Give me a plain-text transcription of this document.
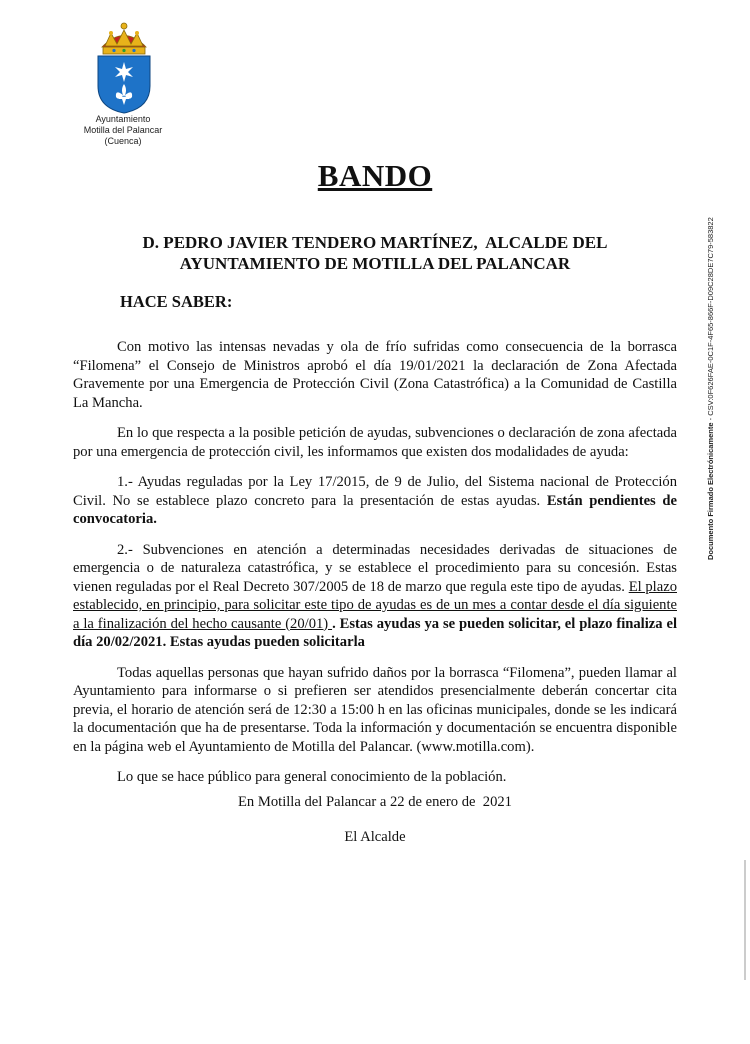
Ayuntamiento
Motilla del Palancar
(Cuenca)
BANDO
D. PEDRO JAVIER TENDERO MARTÍNEZ,  ALCALDE DEL
AYUNTAMIENTO DE MOTILLA DEL PALANCAR
HACE SABER:

Con motivo las intensas nevadas y ola de frío sufridas como consecuencia de la borrasca “Filomena” el Consejo de Ministros aprobó el día 19/01/2021 la declaración de Zona Afectada Gravemente por una Emergencia de Protección Civil (Zona Catastrófica) a la Comunidad de Castilla La Mancha.

En lo que respecta a la posible petición de ayudas, subvenciones o declaración de zona afectada por una emergencia de protección civil, les informamos que existen dos modalidades de ayuda:

1.- Ayudas reguladas por la Ley 17/2015, de 9 de Julio, del Sistema nacional de Protección Civil. No se establece plazo concreto para la presentación de estas ayudas. Están pendientes de convocatoria.

2.- Subvenciones en atención a determinadas necesidades derivadas de situaciones de emergencia o de naturaleza catastrófica, y se establece el procedimiento para su concesión. Estas vienen reguladas por el Real Decreto 307/2005 de 18 de marzo que regula este tipo de ayudas. El plazo establecido, en principio, para solicitar este tipo de ayudas es de un mes a contar desde el día siguiente a la finalización del hecho causante (20/01) . Estas ayudas ya se pueden solicitar, el plazo finaliza el día 20/02/2021. Estas ayudas pueden solicitarla

Todas aquellas personas que hayan sufrido daños por la borrasca “Filomena”, pueden llamar al Ayuntamiento para informarse o si prefieren ser atendidos presencialmente deberán concertar cita previa, el horario de atención será de 12:30 a 15:00 h en las oficinas municipales, donde se les indicará la documentación que ha de presentarse. Toda la información y documentación se encuentra disponible en la página web el Ayuntamiento de Motilla del Palancar. (www.motilla.com).

Lo que se hace público para general conocimiento de la población.

En Motilla del Palancar a 22 de enero de  2021
El Alcalde
Documento Firmado Electrónicamente - CSV:0F626FAE-0C1F-4F65-866F-D09C28DE7C79-583822
